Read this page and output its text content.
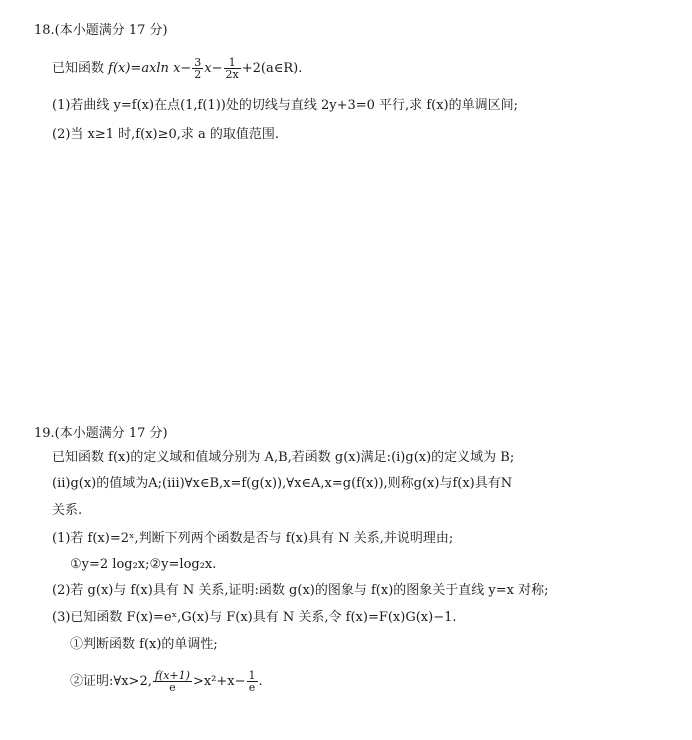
18.(本小题满分 17 分)
已知函数 f(x)=axln $x- \frac{3}{2} x- \frac{1}{2x}$ +2(a∈R).
(1)若曲线 y=f(x)在点(1,f(1))处的切线与直线 2y+3=0 平行,求 f(x)的单调区间;
(2)当 x≥1 时,f(x)≥0,求 a 的取值范围.
19.(本小题满分 17 分)
已知函数 f(x)的定义域和值域分别为 A,B,若函数 g(x)满足:(ⅰ)g(x)的定义域为 B;
(ⅱ)g(x)的值域为A;(ⅲ)∀x∈B,x=f(g(x)),∀x∈A,x=g(f(x)),则称g(x)与f(x)具有N
关系.
(1)若 f(x)=2ˣ,判断下列两个函数是否与 f(x)具有 N 关系,并说明理由;
①y=2 log₂x;②y=log₂x.
(2)若 g(x)与 f(x)具有 N 关系,证明:函数 g(x)的图象与 f(x)的图象关于直线 y=x 对称;
(3)已知函数 F(x)=eˣ,G(x)与 F(x)具有 N 关系,令 f(x)=F(x)G(x)−1.
①判断函数 f(x)的单调性;
②证明:∀x>2, $\frac{f(x+1)}{e} >x^2+x- \frac{1}{e}$ .
